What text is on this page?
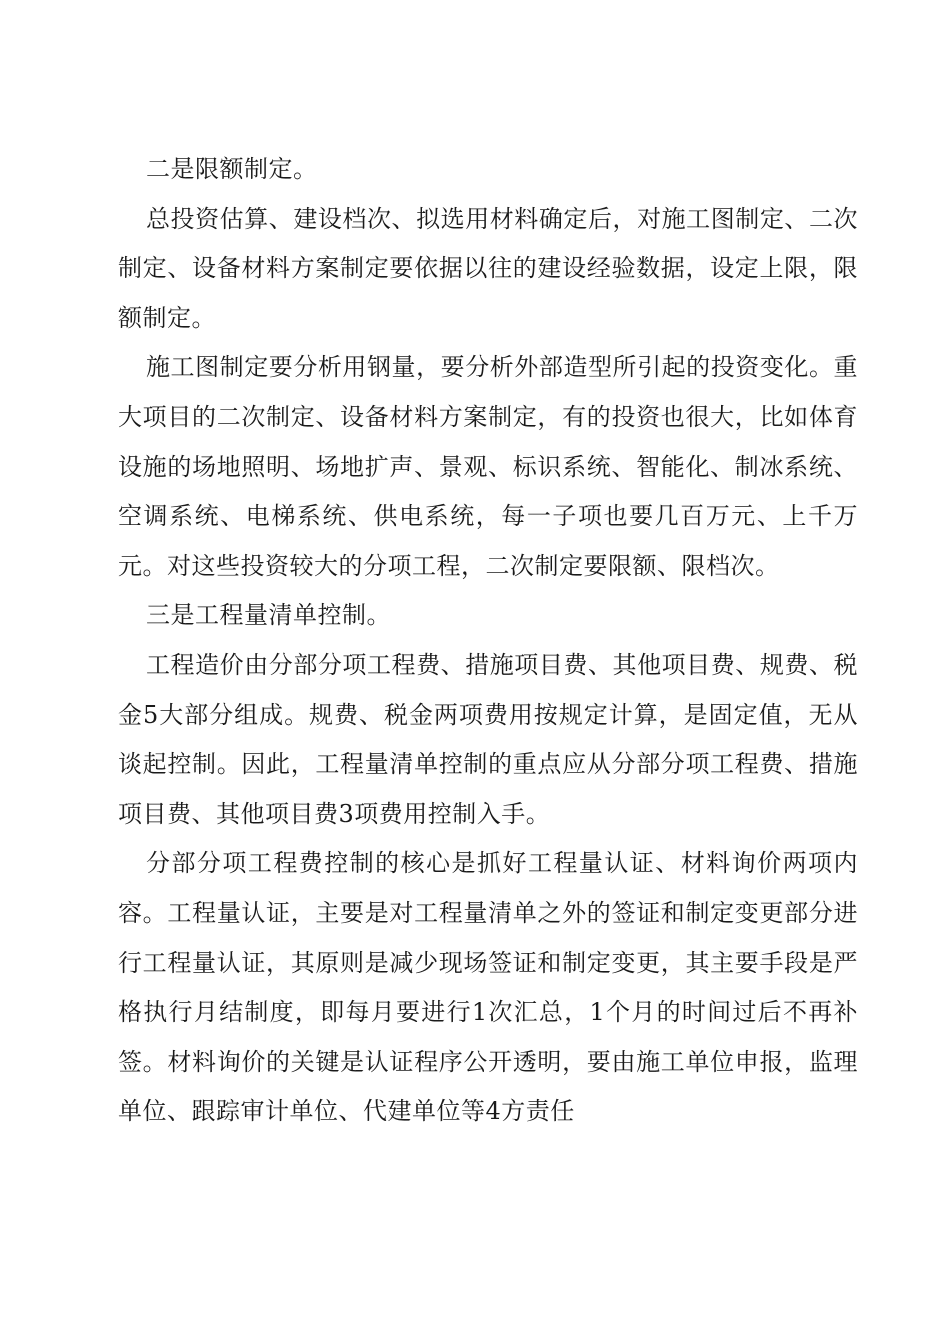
二是限额制定。

总投资估算、建设档次、拟选用材料确定后，对施工图制定、二次制定、设备材料方案制定要依据以往的建设经验数据，设定上限，限额制定。

施工图制定要分析用钢量，要分析外部造型所引起的投资变化。重大项目的二次制定、设备材料方案制定，有的投资也很大，比如体育设施的场地照明、场地扩声、景观、标识系统、智能化、制冰系统、空调系统、电梯系统、供电系统，每一子项也要几百万元、上千万元。对这些投资较大的分项工程，二次制定要限额、限档次。

三是工程量清单控制。

工程造价由分部分项工程费、措施项目费、其他项目费、规费、税金5大部分组成。规费、税金两项费用按规定计算，是固定值，无从谈起控制。因此，工程量清单控制的重点应从分部分项工程费、措施项目费、其他项目费3项费用控制入手。

分部分项工程费控制的核心是抓好工程量认证、材料询价两项内容。工程量认证，主要是对工程量清单之外的签证和制定变更部分进行工程量认证，其原则是减少现场签证和制定变更，其主要手段是严格执行月结制度，即每月要进行1次汇总，1个月的时间过后不再补签。材料询价的关键是认证程序公开透明，要由施工单位申报，监理单位、跟踪审计单位、代建单位等4方责任
